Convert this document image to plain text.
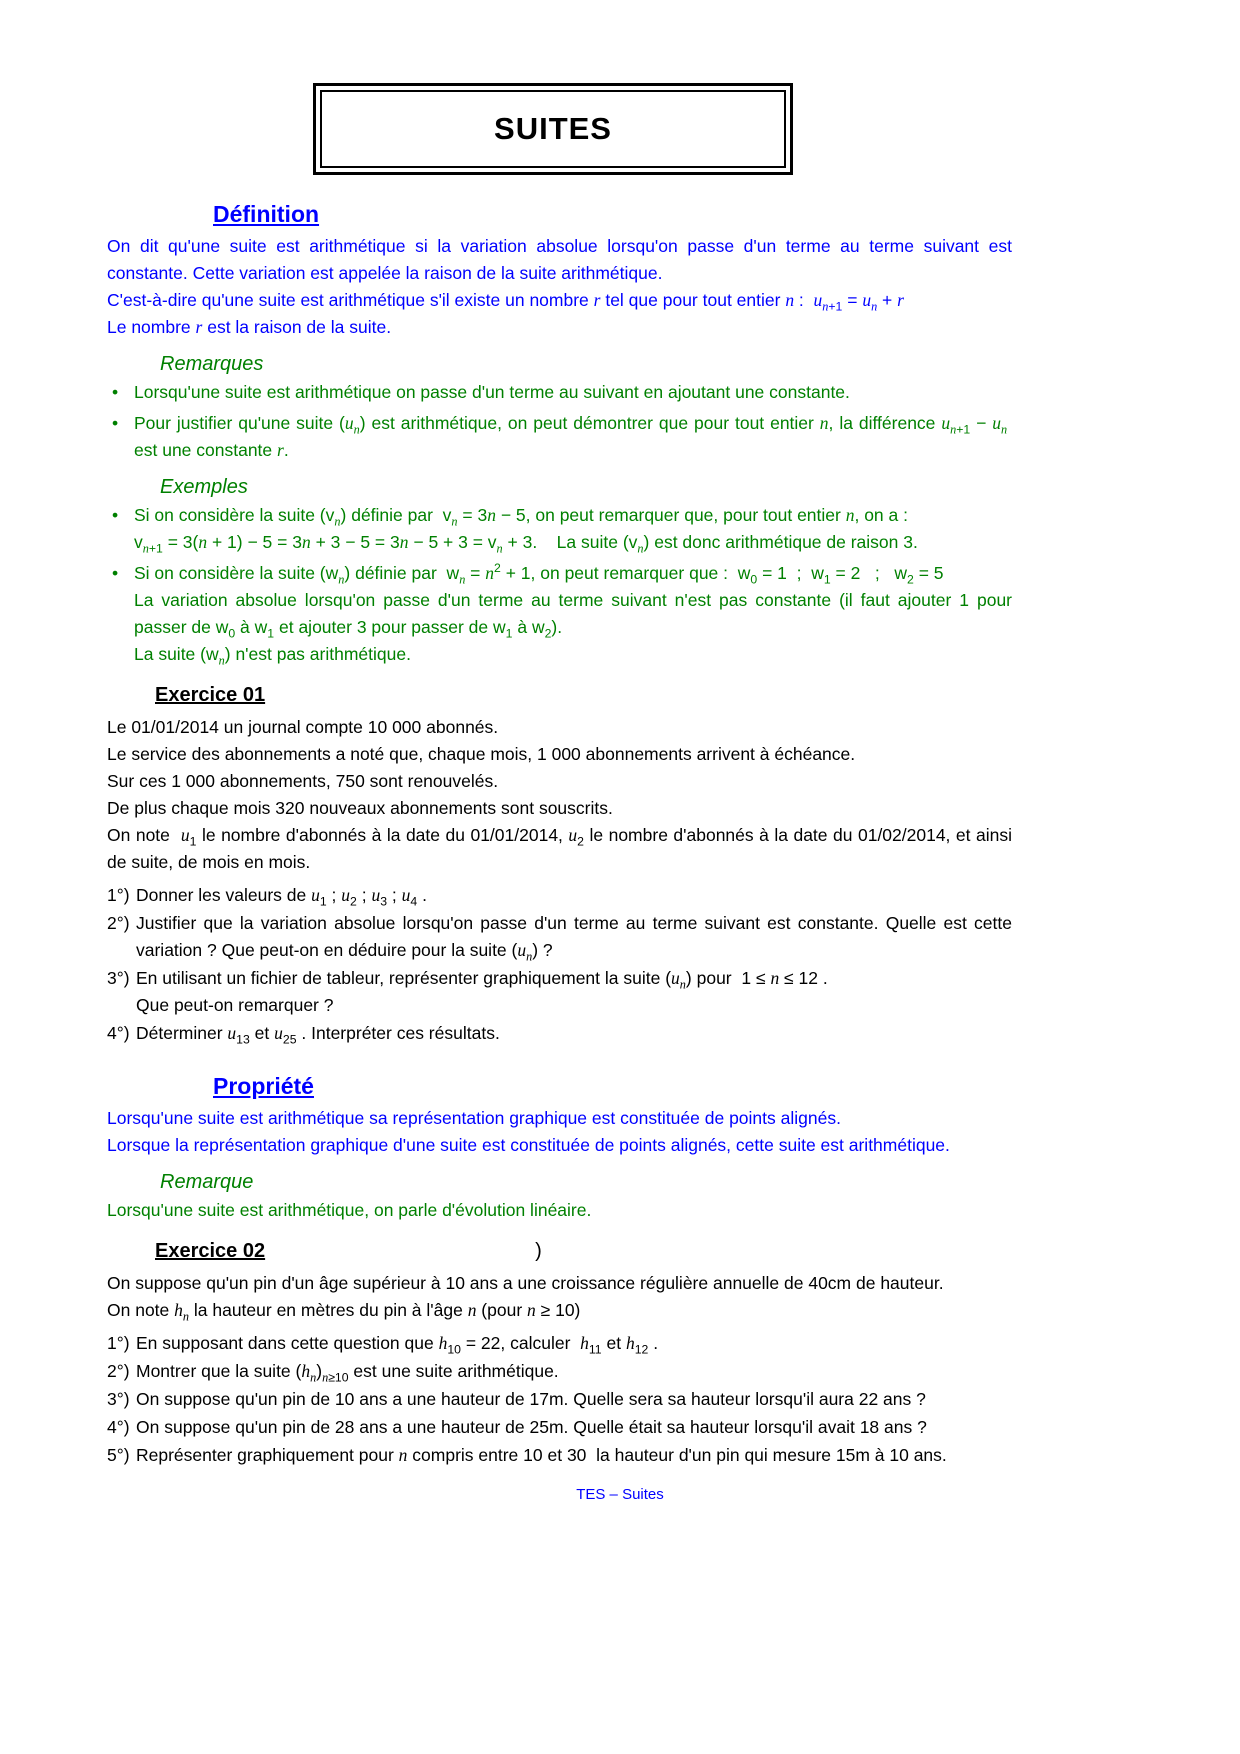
SUITES
Définition

On dit qu'une suite est arithmétique si la variation absolue lorsqu'on passe d'un terme au terme suivant est constante. Cette variation est appelée la raison de la suite arithmétique.

C'est-à-dire qu'une suite est arithmétique s'il existe un nombre r tel que pour tout entier n :  $u_{n+1} = u_n + r$

Le nombre r est la raison de la suite.

Remarques
• Lorsqu'une suite est arithmétique on passe d'un terme au suivant en ajoutant une constante.
• Pour justifier qu'une suite $(u_n)$ est arithmétique, on peut démontrer que pour tout entier n, la différence $u_{n+1} - u_n$  est une constante r.
Exemples
• Si on considère la suite $(v_n)$ définie par  $v_n = 3n - 5$, on peut remarquer que, pour tout entier n, on a :
$v_{n+1} = 3(n + 1) - 5 = 3n + 3 - 5 = 3n - 5 + 3 = v_n + 3$.    La suite $(v_n)$ est donc arithmétique de raison 3.
• Si on considère la suite $(w_n)$ définie par  $w_n = n^2 + 1$, on peut remarquer que :  $w_0 = 1$  ;  $w_1 = 2$   ;   $w_2 = 5$
La variation absolue lorsqu'on passe d'un terme au terme suivant n'est pas constante (il faut ajouter 1 pour passer de $w_0$ à $w_1$ et ajouter 3 pour passer de $w_1$ à $w_2$).
La suite $(w_n)$ n'est pas arithmétique.
Exercice 01

Le 01/01/2014 un journal compte 10 000 abonnés.

Le service des abonnements a noté que, chaque mois, 1 000 abonnements arrivent à échéance.

Sur ces 1 000 abonnements, 750 sont renouvelés.

De plus chaque mois 320 nouveaux abonnements sont souscrits.

On note  $u_1$ le nombre d'abonnés à la date du 01/01/2014, $u_2$ le nombre d'abonnés à la date du 01/02/2014, et ainsi de suite, de mois en mois.

1°) Donner les valeurs de $u_1$ ; $u_2$ ; $u_3$ ; $u_4$ .
2°) Justifier que la variation absolue lorsqu'on passe d'un terme au terme suivant est constante. Quelle est cette variation ? Que peut-on en déduire pour la suite $(u_n)$ ?
3°) En utilisant un fichier de tableur, représenter graphiquement la suite $(u_n)$ pour  1 ≤ n ≤ 12 .
Que peut-on remarquer ?
4°) Déterminer $u_{13}$ et $u_{25}$ . Interpréter ces résultats.
Propriété

Lorsqu'une suite est arithmétique sa représentation graphique est constituée de points alignés.

Lorsque la représentation graphique d'une suite est constituée de points alignés, cette suite est arithmétique.

Remarque

Lorsqu'une suite est arithmétique, on parle d'évolution linéaire.

Exercice 02	)

On suppose qu'un pin d'un âge supérieur à 10 ans a une croissance régulière annuelle de 40cm de hauteur.

On note $h_n$ la hauteur en mètres du pin à l'âge n (pour n ≥ 10)

1°) En supposant dans cette question que $h_{10} = 22$, calculer  $h_{11}$ et $h_{12}$ .
2°) Montrer que la suite $(h_n)_{n\ge 10}$ est une suite arithmétique.
3°) On suppose qu'un pin de 10 ans a une hauteur de 17m. Quelle sera sa hauteur lorsqu'il aura 22 ans ?
4°) On suppose qu'un pin de 28 ans a une hauteur de 25m. Quelle était sa hauteur lorsqu'il avait 18 ans ?
5°) Représenter graphiquement pour n compris entre 10 et 30  la hauteur d'un pin qui mesure 15m à 10 ans.
TES – Suites
